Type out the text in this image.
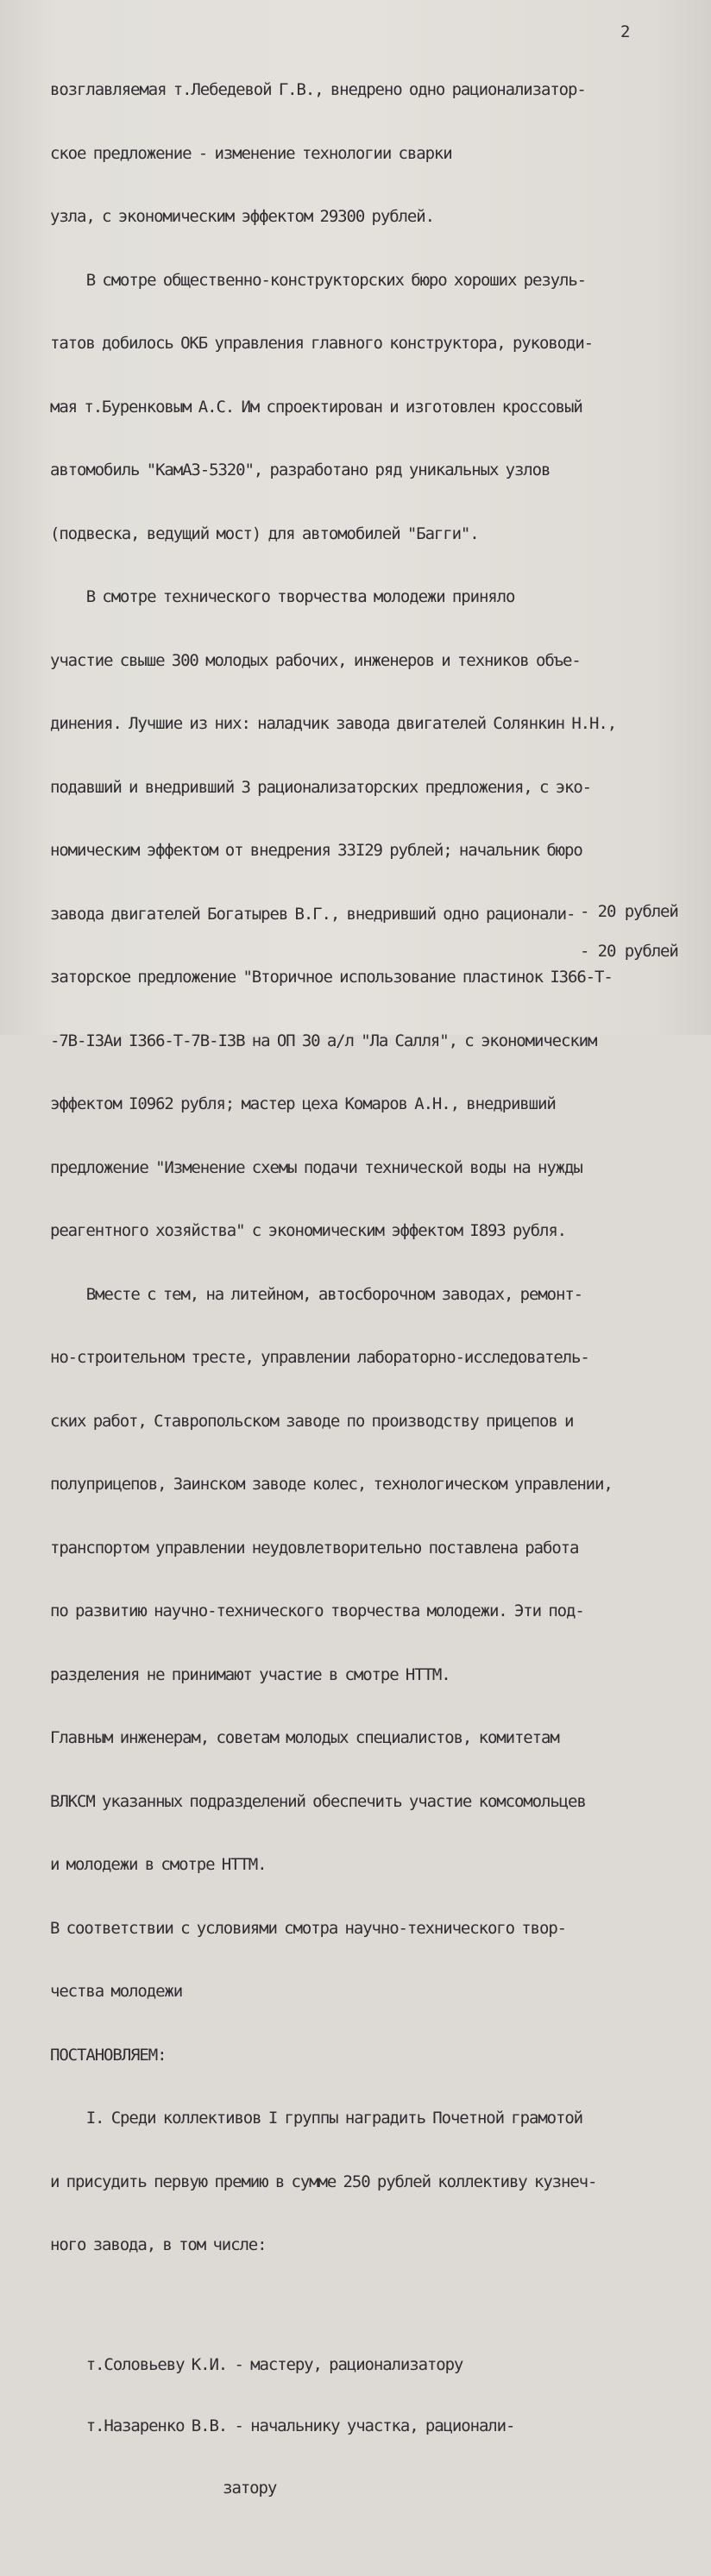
2

возглавляемая т.Лебедевой Г.В., внедрено одно рационализатор-

ское предложение - изменение технологии сварки

узла, с экономическим эффектом 29300 рублей.

В смотре общественно-конструкторских бюро хороших резуль-

татов добилось ОКБ управления главного конструктора, руководи-

мая т.Буренковым А.С. Им спроектирован и изготовлен кроссовый

автомобиль "КамАЗ-5320", разработано ряд уникальных узлов

(подвеска, ведущий мост) для автомобилей "Багги".

В смотре технического творчества молодежи приняло

участие свыше 300 молодых рабочих, инженеров и техников объе-

динения. Лучшие из них: наладчик завода двигателей Солянкин Н.Н.,

подавший и внедривший 3 рационализаторских предложения, с эко-

номическим эффектом от внедрения 33I29 рублей; начальник бюро

завода двигателей Богатырев В.Г., внедривший одно рационали-

заторское предложение "Вторичное использование пластинок I366-Т-

-7В-I3Аи I366-Т-7В-I3В на ОП 30 а/л "Ла Салля", с экономическим

эффектом I0962 рубля; мастер цеха Комаров А.Н., внедривший

предложение "Изменение схемы подачи технической воды на нужды

реагентного хозяйства" с экономическим эффектом I893 рубля.

Вместе с тем, на литейном, автосборочном заводах, ремонт-

но-строительном тресте, управлении лабораторно-исследователь-

ских работ, Ставропольском заводе по производству прицепов и

полуприцепов, Заинском заводе колес, технологическом управлении,

транспортом управлении неудовлетворительно поставлена работа

по развитию научно-технического творчества молодежи. Эти под-

разделения не принимают участие в смотре НТТМ.

Главным инженерам, советам молодых специалистов, комитетам

ВЛКСМ указанных подразделений обеспечить участие комсомольцев

и молодежи в смотре НТТМ.

В соответствии с условиями смотра научно-технического твор-

чества молодежи

ПОСТАНОВЛЯЕМ:

I. Среди коллективов I группы наградить Почетной грамотой

и присудить первую премию в сумме 250 рублей коллективу кузнеч-

ного завода, в том числе:

т.Соловьеву К.И. - мастеру, рационализатору

т.Назаренко В.В. - начальнику участка, рационали-

затору

- 20 рублей
- 20 рублей
